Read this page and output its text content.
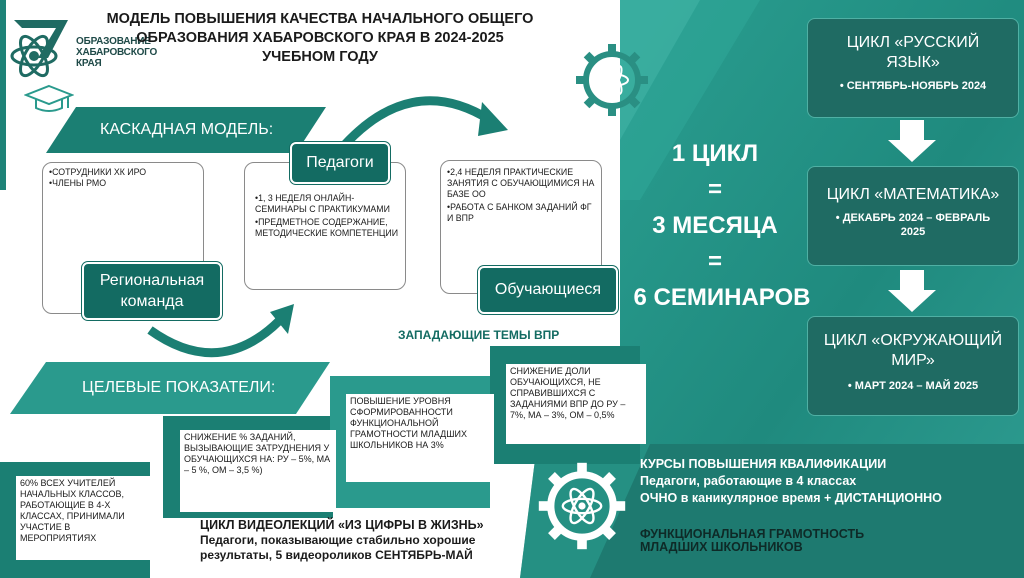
ОБРАЗОВАНИЕ
ХАБАРОВСКОГО
КРАЯ
МОДЕЛЬ ПОВЫШЕНИЯ КАЧЕСТВА НАЧАЛЬНОГО ОБЩЕГО
ОБРАЗОВАНИЯ ХАБАРОВСКОГО КРАЯ В 2024-2025
УЧЕБНОМ ГОДУ
КАСКАДНАЯ МОДЕЛЬ:

•СОТРУДНИКИ ХК ИРО

•ЧЛЕНЫ РМО

Региональная
команда

•1, 3 НЕДЕЛЯ ОНЛАЙН-СЕМИНАРЫ С ПРАКТИКУМАМИ

•ПРЕДМЕТНОЕ СОДЕРЖАНИЕ, МЕТОДИЧЕСКИЕ КОМПЕТЕНЦИИ

Педагоги

•2,4 НЕДЕЛЯ ПРАКТИЧЕСКИЕ ЗАНЯТИЯ С ОБУЧАЮЩИМИСЯ НА БАЗЕ ОО

•РАБОТА С БАНКОМ ЗАДАНИЙ ФГ И ВПР

Обучающиеся
ЗАПАДАЮЩИЕ ТЕМЫ ВПР
ЦЕЛЕВЫЕ ПОКАЗАТЕЛИ:
60% ВСЕХ УЧИТЕЛЕЙ НАЧАЛЬНЫХ КЛАССОВ, РАБОТАЮЩИЕ В 4-Х КЛАССАХ, ПРИНИМАЛИ УЧАСТИЕ В МЕРОПРИЯТИЯХ
СНИЖЕНИЕ % ЗАДАНИЙ, ВЫЗЫВАЮЩИЕ ЗАТРУДНЕНИЯ У ОБУЧАЮЩИХСЯ НА: РУ – 5%, МА – 5 %, ОМ – 3,5 %)
ПОВЫШЕНИЕ УРОВНЯ СФОРМИРОВАННОСТИ ФУНКЦИОНАЛЬНОЙ ГРАМОТНОСТИ МЛАДШИХ ШКОЛЬНИКОВ НА 3%
СНИЖЕНИЕ ДОЛИ ОБУЧАЮЩИХСЯ, НЕ СПРАВИВШИХСЯ С ЗАДАНИЯМИ ВПР ДО РУ – 7%, МА – 3%, ОМ – 0,5%
ЦИКЛ ВИДЕОЛЕКЦИЙ «ИЗ ЦИФРЫ В ЖИЗНЬ»
Педагоги, показывающие стабильно хорошие
результаты, 5 видеороликов СЕНТЯБРЬ-МАЙ
1 ЦИКЛ
=
3 МЕСЯЦА
=
6 СЕМИНАРОВ
ЦИКЛ «РУССКИЙ
ЯЗЫК»
• СЕНТЯБРЬ-НОЯБРЬ 2024
ЦИКЛ «МАТЕМАТИКА»
• ДЕКАБРЬ 2024 – ФЕВРАЛЬ
2025
ЦИКЛ «ОКРУЖАЮЩИЙ
МИР»
• МАРТ 2024 – МАЙ 2025
КУРСЫ ПОВЫШЕНИЯ КВАЛИФИКАЦИИ
Педагоги, работающие в 4 классах
ОЧНО в каникулярное время + ДИСТАНЦИОННО
ФУНКЦИОНАЛЬНАЯ ГРАМОТНОСТЬ
МЛАДШИХ ШКОЛЬНИКОВ
